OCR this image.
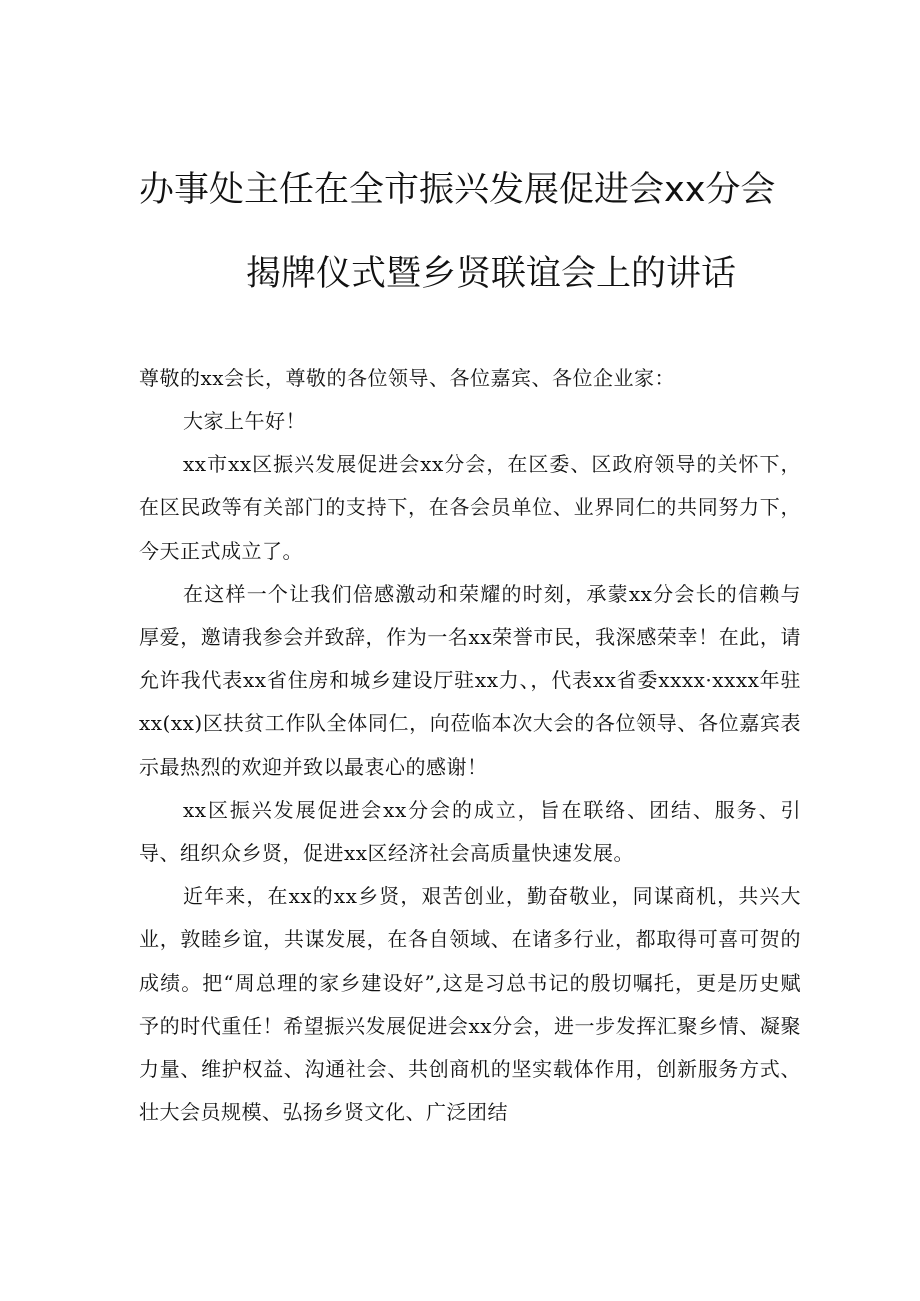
办事处主任在全市振兴发展促进会xx分会
揭牌仪式暨乡贤联谊会上的讲话

尊敬的xx会长，尊敬的各位领导、各位嘉宾、各位企业家：

大家上午好！

xx市xx区振兴发展促进会xx分会，在区委、区政府领导的关怀下，在区民政等有关部门的支持下，在各会员单位、业界同仁的共同努力下，今天正式成立了。

在这样一个让我们倍感激动和荣耀的时刻，承蒙xx分会长的信赖与厚爱，邀请我参会并致辞，作为一名xx荣誉市民，我深感荣幸！在此，请允许我代表xx省住房和城乡建设厅驻xx力、，代表xx省委xxxx·xxxx年驻xx(xx)区扶贫工作队全体同仁，向莅临本次大会的各位领导、各位嘉宾表示最热烈的欢迎并致以最衷心的感谢！

xx区振兴发展促进会xx分会的成立，旨在联络、团结、服务、引导、组织众乡贤，促进xx区经济社会高质量快速发展。

近年来，在xx的xx乡贤，艰苦创业，勤奋敬业，同谋商机，共兴大业，敦睦乡谊，共谋发展，在各自领域、在诸多行业，都取得可喜可贺的成绩。把“周总理的家乡建设好”,这是习总书记的殷切嘱托，更是历史赋予的时代重任！希望振兴发展促进会xx分会，进一步发挥汇聚乡情、凝聚力量、维护权益、沟通社会、共创商机的坚实载体作用，创新服务方式、壮大会员规模、弘扬乡贤文化、广泛团结
